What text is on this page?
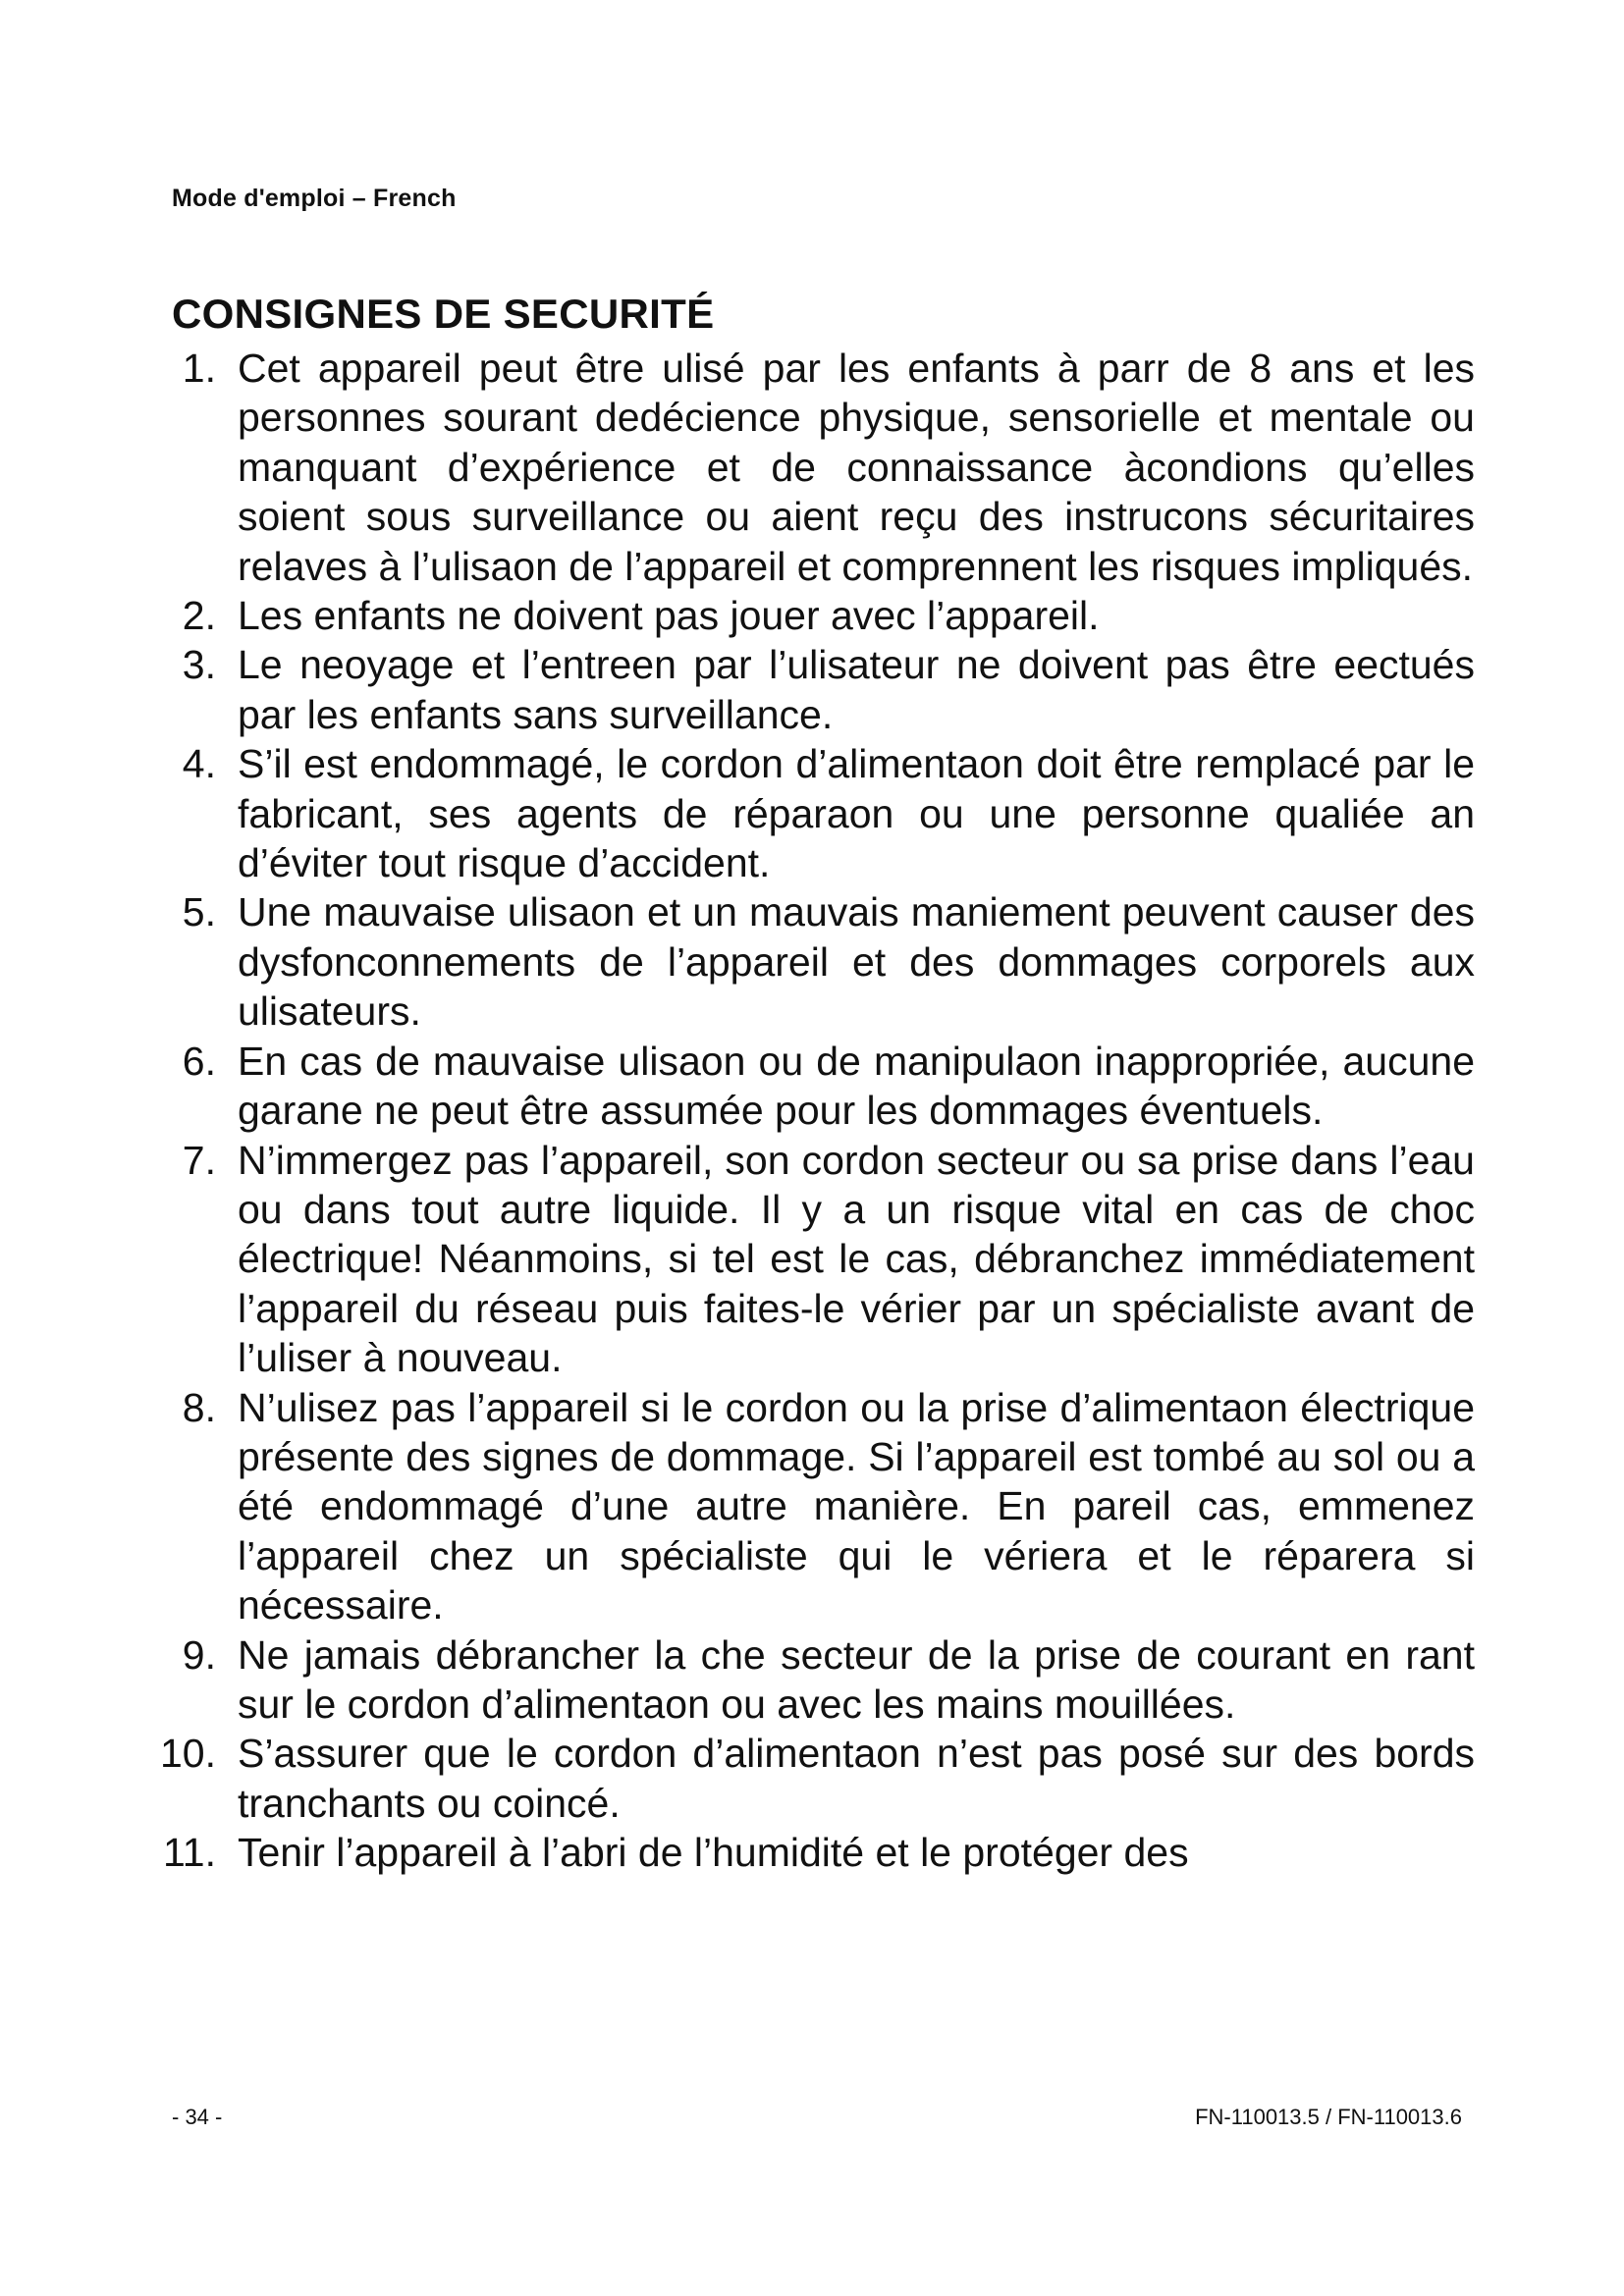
Mode d'emploi – French
CONSIGNES DE SECURITÉ
1. Cet appareil peut être ulisé par les enfants à parr de 8 ans et les personnes sourant dedécience physique, sensorielle et mentale ou manquant d’expérience et de connaissance àcondions qu’elles soient sous surveillance ou aient reçu des instrucons sécuritaires relaves à l’ulisaon de l’appareil et comprennent les risques impliqués.
2. Les enfants ne doivent pas jouer avec l’appareil.
3. Le neoyage et l’entreen par l’ulisateur ne doivent pas être eectués par les enfants sans surveillance.
4. S’il est endommagé, le cordon d’alimentaon doit être remplacé par le fabricant, ses agents de réparaon ou une personne qualiée an d’éviter tout risque d’accident.
5. Une mauvaise ulisaon et un mauvais maniement peuvent causer des dysfonconnements de l’appareil et des dommages corporels aux ulisateurs.
6. En cas de mauvaise ulisaon ou de manipulaon inappropriée, aucune garane ne peut être assumée pour les dommages éventuels.
7. N’immergez pas l’appareil, son cordon secteur ou sa prise dans l’eau ou dans tout autre liquide. Il y a un risque vital en cas de choc électrique! Néanmoins, si tel est le cas, débranchez immédiatement l’appareil du réseau puis faites-le vérier par un spécialiste avant de l’uliser à nouveau.
8. N’ulisez pas l’appareil si le cordon ou la prise d’alimentaon électrique présente des signes de dommage. Si l’appareil est tombé au sol ou a été endommagé d’une autre manière. En pareil cas, emmenez l’appareil chez un spécialiste qui le vériera et le réparera si nécessaire.
9. Ne jamais débrancher la che secteur de la prise de courant en rant sur le cordon d’alimentaon ou avec les mains mouillées.
10. S’assurer que le cordon d’alimentaon n’est pas posé sur des bords tranchants ou coincé.
11. Tenir l’appareil à l’abri de l’humidité et le protéger des
- 34 -	FN-110013.5 / FN-110013.6
